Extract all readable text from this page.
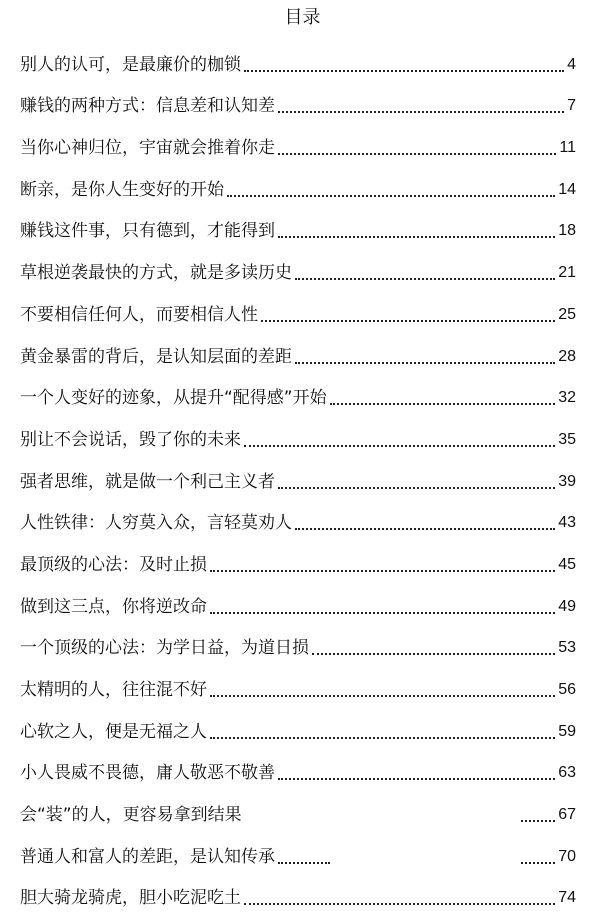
目录
别人的认可，是最廉价的枷锁	4
赚钱的两种方式：信息差和认知差	7
当你心神归位，宇宙就会推着你走	11
断亲，是你人生变好的开始	14
赚钱这件事，只有德到，才能得到	18
草根逆袭最快的方式，就是多读历史	21
不要相信任何人，而要相信人性	25
黄金暴雷的背后，是认知层面的差距	28
一个人变好的迹象，从提升“配得感”开始	32
别让不会说话，毁了你的未来	35
强者思维，就是做一个利己主义者	39
人性铁律：人穷莫入众，言轻莫劝人	43
最顶级的心法：及时止损	45
做到这三点，你将逆改命	49
一个顶级的心法：为学日益，为道日损	53
太精明的人，往往混不好	56
心软之人，便是无福之人	59
小人畏威不畏德，庸人敬恶不敬善	63
会“装”的人，更容易拿到结果	67
普通人和富人的差距，是认知传承	70
胆大骑龙骑虎，胆小吃泥吃土	74
